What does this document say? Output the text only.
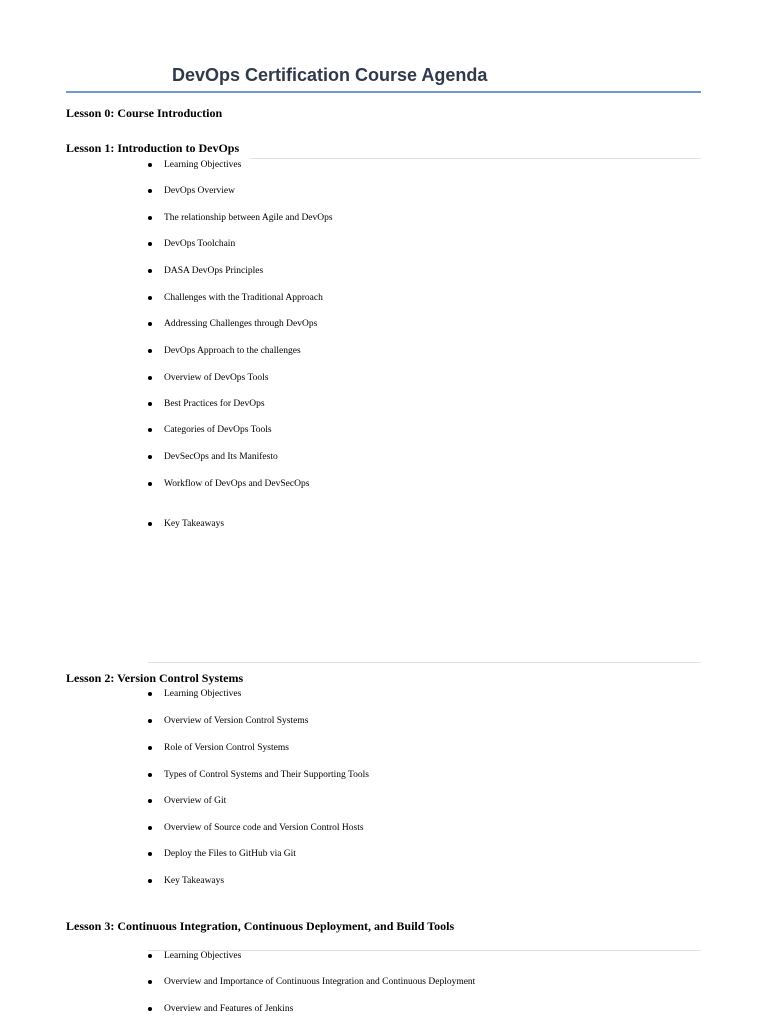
DevOps Certification Course Agenda
Lesson 0: Course Introduction
Lesson 1: Introduction to DevOps
Learning Objectives
DevOps Overview
The relationship between Agile and DevOps
DevOps Toolchain
DASA DevOps Principles
Challenges with the Traditional Approach
Addressing Challenges through DevOps
DevOps Approach to the challenges
Overview of DevOps Tools
Best Practices for DevOps
Categories of DevOps Tools
DevSecOps and Its Manifesto
Workflow of DevOps and DevSecOps
Key Takeaways
Lesson 2: Version Control Systems
Learning Objectives
Overview of Version Control Systems
Role of Version Control Systems
Types of Control Systems and Their Supporting Tools
Overview of Git
Overview of Source code and Version Control Hosts
Deploy the Files to GitHub via Git
Key Takeaways
Lesson 3: Continuous Integration, Continuous Deployment, and Build Tools
Learning Objectives
Overview and Importance of Continuous Integration and Continuous Deployment
Overview and Features of Jenkins
